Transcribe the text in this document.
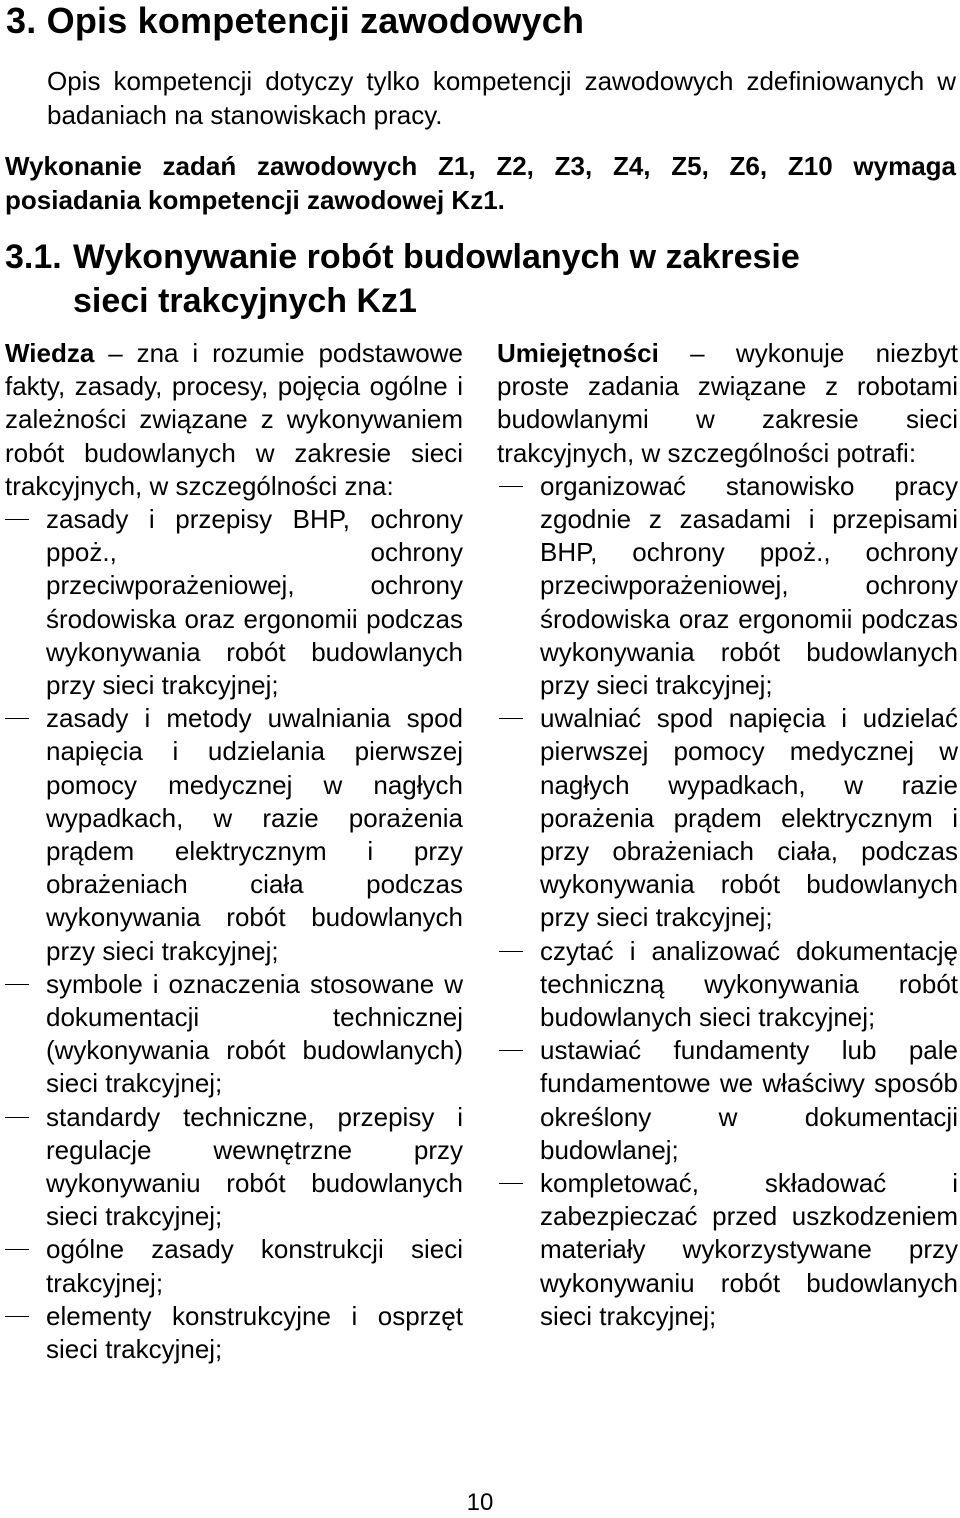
3. Opis kompetencji zawodowych

Opis kompetencji dotyczy tylko kompetencji zawodowych zdefiniowanych w badaniach na stanowiskach pracy.

Wykonanie zadań zawodowych Z1, Z2, Z3, Z4, Z5, Z6, Z10 wymaga posiadania kompetencji zawodowej Kz1.

3.1. Wykonywanie robót budowlanych w zakresie
sieci trakcyjnych Kz1

Wiedza – zna i rozumie podstawowe fakty, zasady, procesy, pojęcia ogólne i zależności związane z wykonywaniem robót budowlanych w zakresie sieci trakcyjnych, w szczególności zna:

zasady i przepisy BHP, ochrony ppoż., ochrony przeciwporażeniowej, ochrony środowiska oraz ergonomii podczas wykonywania robót budowlanych przy sieci trakcyjnej;
zasady i metody uwalniania spod napięcia i udzielania pierwszej pomocy medycznej w nagłych wypadkach, w razie porażenia prądem elektrycznym i przy obrażeniach ciała podczas wykonywania robót budowlanych przy sieci trakcyjnej;
symbole i oznaczenia stosowane w dokumentacji technicznej (wykonywania robót budowlanych) sieci trakcyjnej;
standardy techniczne, przepisy i regulacje wewnętrzne przy wykonywaniu robót budowlanych sieci trakcyjnej;
ogólne zasady konstrukcji sieci trakcyjnej;
elementy konstrukcyjne i osprzęt sieci trakcyjnej;

Umiejętności – wykonuje niezbyt proste zadania związane z robotami budowlanymi w zakresie sieci trakcyjnych, w szczególności potrafi:

organizować stanowisko pracy zgodnie z zasadami i przepisami BHP, ochrony ppoż., ochrony przeciwporażeniowej, ochrony środowiska oraz ergonomii podczas wykonywania robót budowlanych przy sieci trakcyjnej;
uwalniać spod napięcia i udzielać pierwszej pomocy medycznej w nagłych wypadkach, w razie porażenia prądem elektrycznym i przy obrażeniach ciała, podczas wykonywania robót budowlanych przy sieci trakcyjnej;
czytać i analizować dokumentację techniczną wykonywania robót budowlanych sieci trakcyjnej;
ustawiać fundamenty lub pale fundamentowe we właściwy sposób określony w dokumentacji budowlanej;
kompletować, składować i zabezpieczać przed uszkodzeniem materiały wykorzystywane przy wykonywaniu robót budowlanych sieci trakcyjnej;
10
